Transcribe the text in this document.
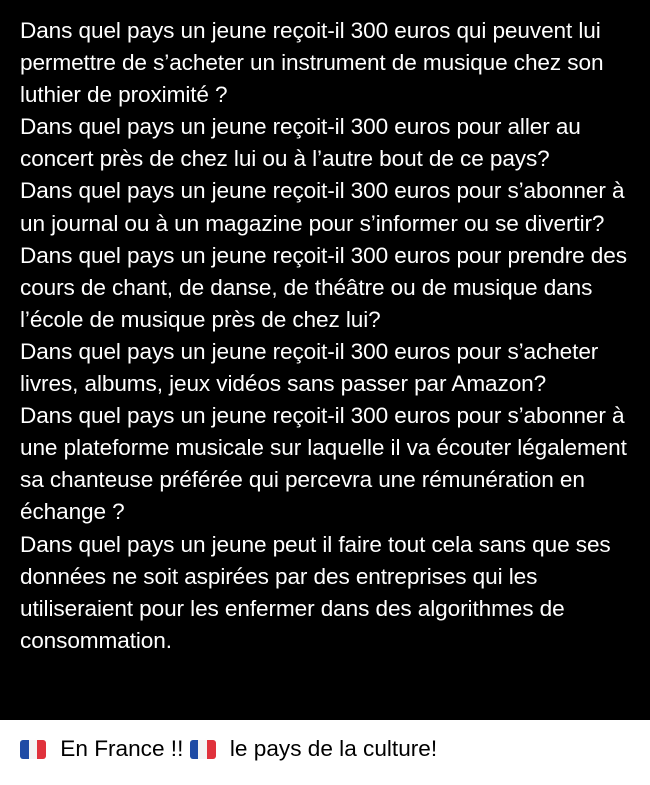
Dans quel pays un jeune reçoit-il 300 euros qui peuvent lui permettre de s’acheter un instrument de musique chez son luthier de proximité ?

Dans quel pays un jeune reçoit-il 300 euros pour aller au concert près de chez lui ou à l’autre bout de ce pays?

Dans quel pays un jeune reçoit-il 300 euros pour s’abonner à un journal ou à un magazine pour s’informer ou se divertir?

Dans quel pays un jeune reçoit-il 300 euros pour prendre des cours de chant, de danse, de théâtre ou de musique dans l’école de musique près de chez lui?

Dans quel pays un jeune reçoit-il 300 euros pour s’acheter livres, albums, jeux vidéos sans passer par Amazon?

Dans quel pays un jeune reçoit-il 300 euros pour s’abonner à une plateforme musicale sur laquelle il va écouter légalement sa chanteuse préférée qui percevra une rémunération en échange ?

Dans quel pays un jeune peut il faire tout cela sans que ses données ne soit aspirées par des entreprises qui les utiliseraient pour les enfermer dans des algorithmes de consommation.

En France !! le pays de la culture!
